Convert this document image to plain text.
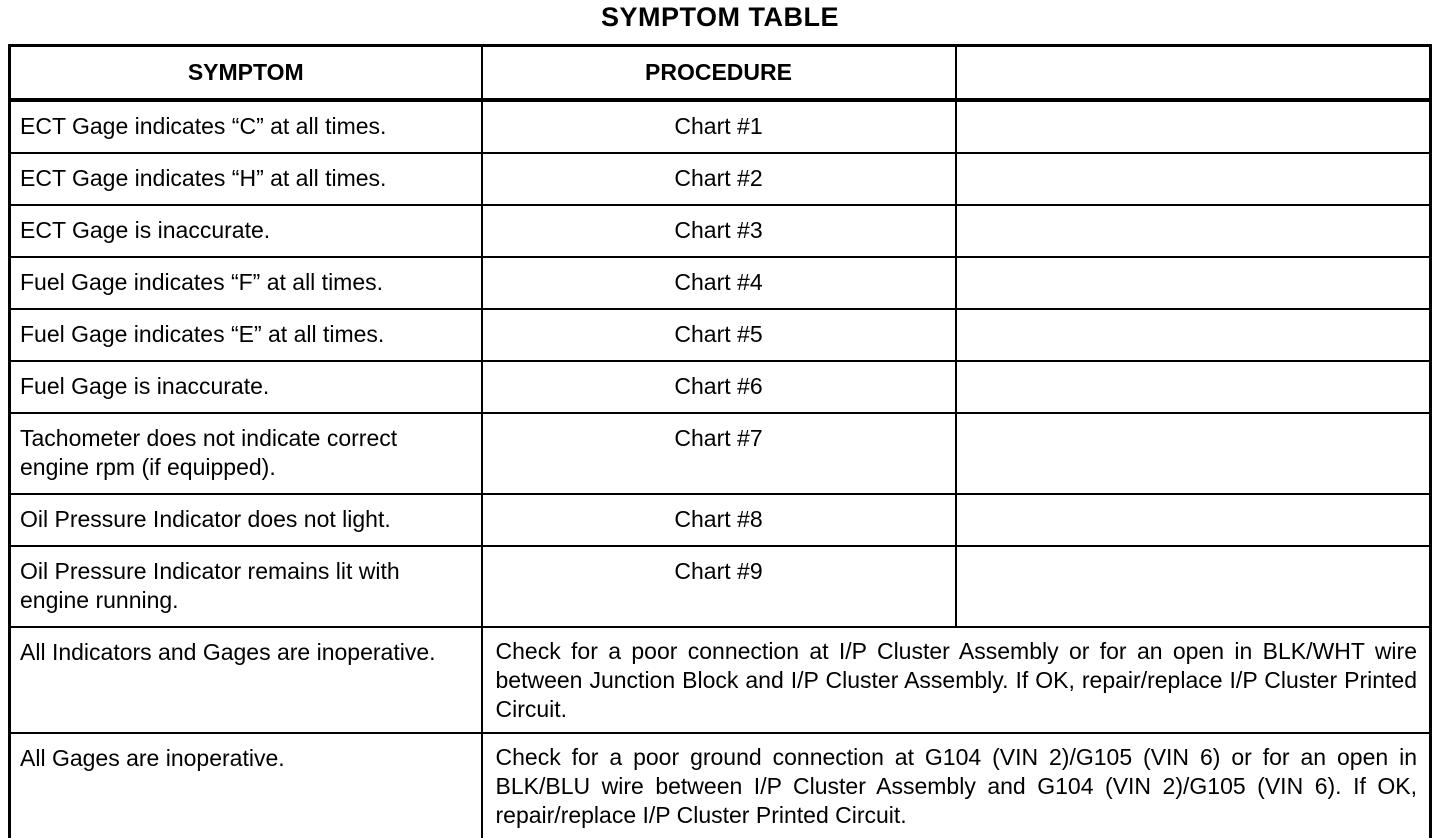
SYMPTOM TABLE
SYMPTOM	PROCEDURE	
ECT Gage indicates “C” at all times.	Chart #1	
ECT Gage indicates “H” at all times.	Chart #2	
ECT Gage is inaccurate.	Chart #3	
Fuel Gage indicates “F” at all times.	Chart #4	
Fuel Gage indicates “E” at all times.	Chart #5	
Fuel Gage is inaccurate.	Chart #6	
Tachometer does not indicate correct engine rpm (if equipped).	Chart #7	
Oil Pressure Indicator does not light.	Chart #8	
Oil Pressure Indicator remains lit with engine running.	Chart #9	
All Indicators and Gages are inoperative.	Check for a poor connection at I/P Cluster Assembly or for an open in BLK/WHT wire between Junction Block and I/P Cluster Assembly. If OK, repair/replace I/P Cluster Printed Circuit.	
All Gages are inoperative.	Check for a poor ground connection at G104 (VIN 2)/G105 (VIN 6) or for an open in BLK/BLU wire between I/P Cluster Assembly and G104 (VIN 2)/G105 (VIN 6). If OK, repair/replace I/P Cluster Printed Circuit.	
